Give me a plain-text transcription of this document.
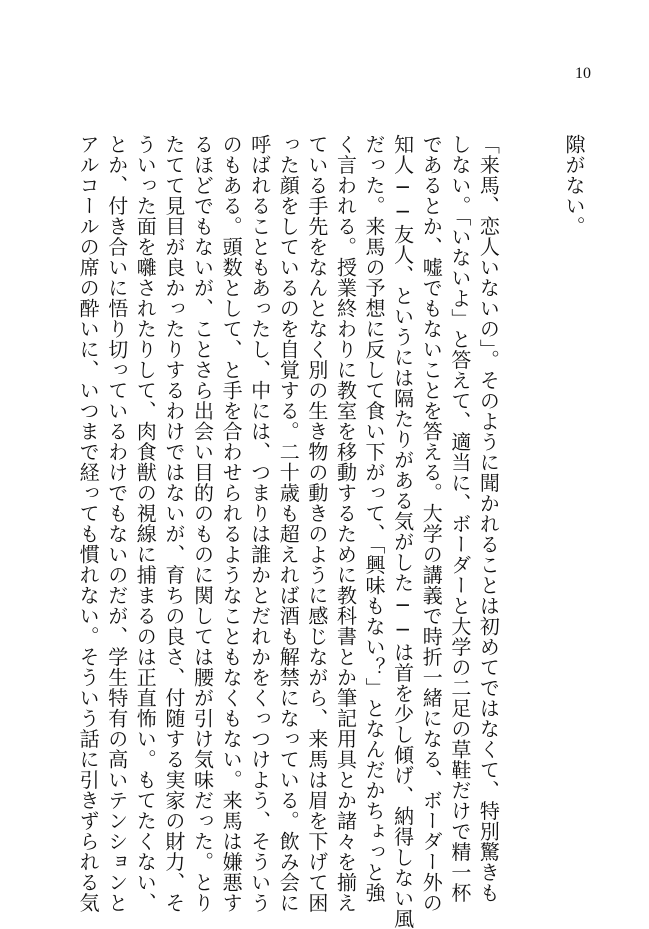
10
隙がない。
「来馬、恋人いないの」。そのように聞かれることは初めてではなくて、特別驚きも
しない。「いないよ」と答えて、適当に、ボーダーと大学の二足の草鞋だけで精一杯
であるとか、嘘でもないことを答える。大学の講義で時折一緒になる、ボーダー外の
知人──友人、というには隔たりがある気がした──は首を少し傾げ、納得しない風
だった。来馬の予想に反して食い下がって、「興味もない？」となんだかちょっと強
く言われる。授業終わりに教室を移動するために教科書とか筆記用具とか諸々を揃え
ている手先をなんとなく別の生き物の動きのように感じながら、来馬は眉を下げて困
った顔をしているのを自覚する。二十歳も超えれば酒も解禁になっている。飲み会に
呼ばれることもあったし、中には、つまりは誰かとだれかをくっつけよう、そういう
のもある。頭数として、と手を合わせられるようなこともなくもない。来馬は嫌悪す
るほどでもないが、ことさら出会い目的のものに関しては腰が引け気味だった。とり
たてて見目が良かったりするわけではないが、育ちの良さ、付随する実家の財力、そ
ういった面を囃されたりして、肉食獣の視線に捕まるのは正直怖い。もてたくない、
とか、付き合いに悟り切っているわけでもないのだが、学生特有の高いテンションと
アルコールの席の酔いに、いつまで経っても慣れない。そういう話に引きずられる気
